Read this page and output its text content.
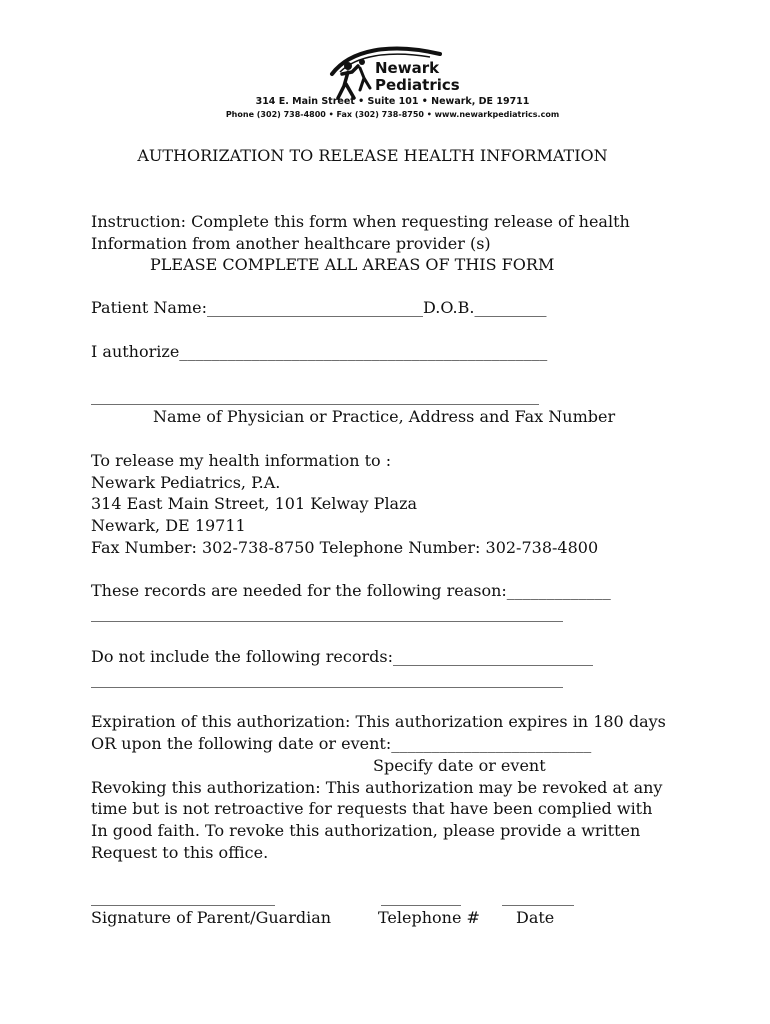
Newark
Pediatrics
314 E. Main Street • Suite 101 • Newark, DE 19711
Phone (302) 738-4800 • Fax (302) 738-8750 • www.newarkpediatrics.com
AUTHORIZATION TO RELEASE HEALTH INFORMATION
Instruction: Complete this form when requesting release of health
Information from another healthcare provider (s)
PLEASE COMPLETE ALL AREAS OF THIS FORM
Patient Name:___________________________D.O.B._________
I authorize______________________________________________
________________________________________________________
Name of Physician or Practice, Address and Fax Number
To release my health information to :
Newark Pediatrics, P.A.
314 East Main Street, 101 Kelway Plaza
Newark, DE 19711
Fax Number: 302-738-8750 Telephone Number: 302-738-4800
These records are needed for the following reason:_____________
___________________________________________________________
Do not include the following records:_________________________
___________________________________________________________
Expiration of this authorization: This authorization expires in 180 days
OR upon the following date or event:_________________________
Specify date or event
Revoking this authorization: This authorization may be revoked at any
time but is not retroactive for requests that have been complied with
In good faith. To revoke this authorization, please provide a written
Request to this office.
_______________________	__________	_________
Signature of Parent/Guardian	Telephone # Date
